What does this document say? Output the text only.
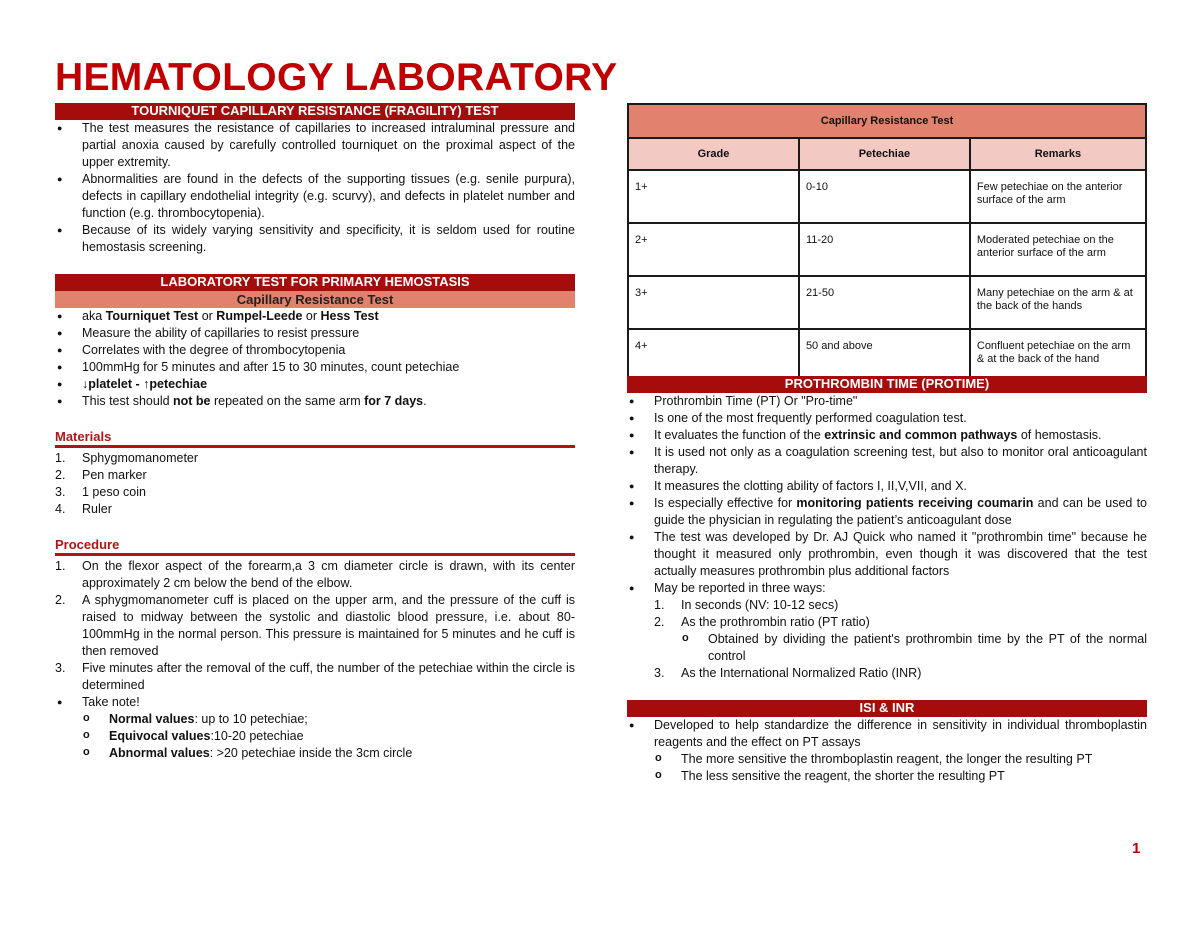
HEMATOLOGY LABORATORY
TOURNIQUET CAPILLARY RESISTANCE (FRAGILITY) TEST
● The test measures the resistance of capillaries to increased intraluminal pressure and partial anoxia caused by carefully controlled tourniquet on the proximal aspect of the upper extremity.
● Abnormalities are found in the defects of the supporting tissues (e.g. senile purpura), defects in capillary endothelial integrity (e.g. scurvy), and defects in platelet number and function (e.g. thrombocytopenia).
● Because of its widely varying sensitivity and specificity, it is seldom used for routine hemostasis screening.
LABORATORY TEST FOR PRIMARY HEMOSTASIS
Capillary Resistance Test
● aka Tourniquet Test or Rumpel-Leede or Hess Test
● Measure the ability of capillaries to resist pressure
● Correlates with the degree of thrombocytopenia
● 100mmHg for 5 minutes and after 15 to 30 minutes, count petechiae
● ↓platelet - ↑petechiae
● This test should not be repeated on the same arm for 7 days.
Materials
1. Sphygmomanometer
2. Pen marker
3. 1 peso coin
4. Ruler
Procedure
1. On the flexor aspect of the forearm,a 3 cm diameter circle is drawn, with its center approximately 2 cm below the bend of the elbow.
2. A sphygmomanometer cuff is placed on the upper arm, and the pressure of the cuff is raised to midway between the systolic and diastolic blood pressure, i.e. about 80-100mmHg in the normal person. This pressure is maintained for 5 minutes and he cuff is then removed
3. Five minutes after the removal of the cuff, the number of the petechiae within the circle is determined
● Take note!
o Normal values: up to 10 petechiae;
o Equivocal values:10-20 petechiae
o Abnormal values: >20 petechiae inside the 3cm circle
Capillary Resistance Test		
Grade	Petechiae	Remarks
1+	0-10	Few petechiae on the anterior surface of the arm
2+	11-20	Moderated petechiae on the anterior surface of the arm
3+	21-50	Many petechiae on the arm & at the back of the hands
4+	50 and above	Confluent petechiae on the arm & at the back of the hand
PROTHROMBIN TIME (PROTIME)
● Prothrombin Time (PT) Or "Pro-time"
● Is one of the most frequently performed coagulation test.
● It evaluates the function of the extrinsic and common pathways of hemostasis.
● It is used not only as a coagulation screening test, but also to monitor oral anticoagulant therapy.
● It measures the clotting ability of factors I, II,V,VII, and X.
● Is especially effective for monitoring patients receiving coumarin and can be used to guide the physician in regulating the patient’s anticoagulant dose
● The test was developed by Dr. AJ Quick who named it "prothrombin time" because he thought it measured only prothrombin, even though it was discovered that the test actually measures prothrombin plus additional factors
● May be reported in three ways:
1. In seconds (NV: 10-12 secs)
2. As the prothrombin ratio (PT ratio)
o Obtained by dividing the patient's prothrombin time by the PT of the normal control
3. As the International Normalized Ratio (INR)
ISI & INR
● Developed to help standardize the difference in sensitivity in individual thromboplastin reagents and the effect on PT assays
o The more sensitive the thromboplastin reagent, the longer the resulting PT
o The less sensitive the reagent, the shorter the resulting PT
1
